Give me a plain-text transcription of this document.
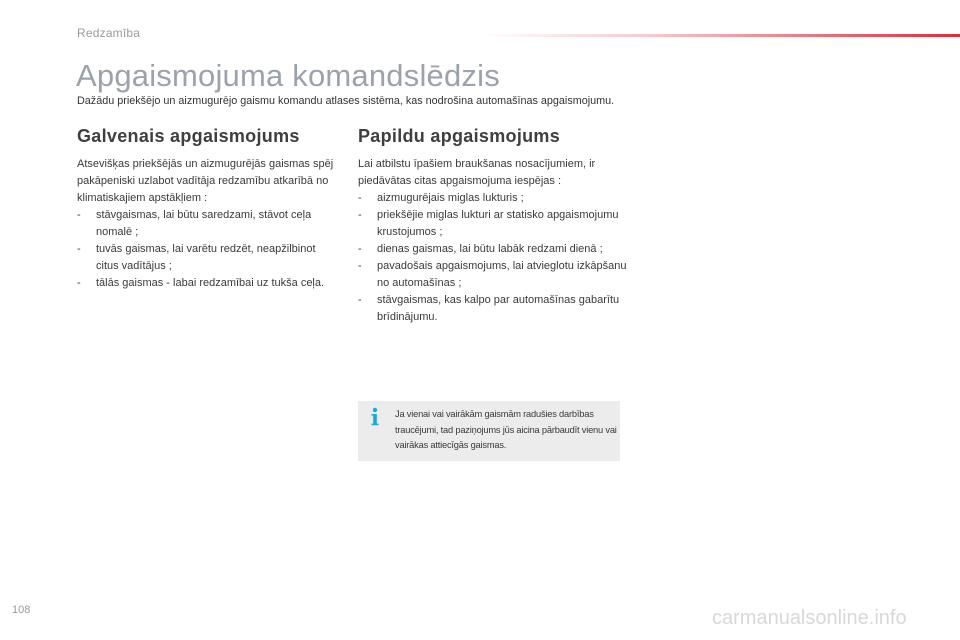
Redzamība
Apgaismojuma komandslēdzis
Dažādu priekšējo un aizmugurējo gaismu komandu atlases sistēma, kas nodrošina automašīnas apgaismojumu.
Galvenais apgaismojums

Atsevišķas priekšējās un aizmugurējās gaismas spēj pakāpeniski uzlabot vadītāja redzamību atkarībā no klimatiskajiem apstākļiem :

- stāvgaismas, lai būtu saredzami, stāvot ceļa nomalē ;
- tuvās gaismas, lai varētu redzēt, neapžilbinot citus vadītājus ;
- tālās gaismas - labai redzamībai uz tukša ceļa.
Papildu apgaismojums

Lai atbilstu īpašiem braukšanas nosacījumiem, ir piedāvātas citas apgaismojuma iespējas :

- aizmugurējais miglas lukturis ;
- priekšējie miglas lukturi ar statisko apgaismojumu krustojumos ;
- dienas gaismas, lai būtu labāk redzami dienā ;
- pavadošais apgaismojums, lai atvieglotu izkāpšanu no automašīnas ;
- stāvgaismas, kas kalpo par automašīnas gabarītu brīdinājumu.
Ja vienai vai vairākām gaismām radušies darbības traucējumi, tad paziņojums jūs aicina pārbaudīt vienu vai vairākas attiecīgās gaismas.
108	carmanualsonline.info
